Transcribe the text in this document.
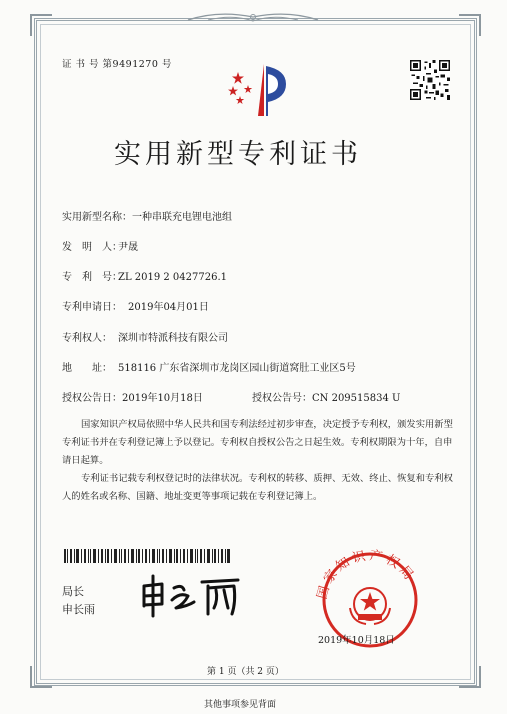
证 书 号 第9491270 号
实用新型专利证书
实用新型名称：一种串联充电锂电池组
发　明　人：尹晟
专　利　号：ZL 2019 2 0427726.1
专利申请日： 2019年04月01日
专利权人： 深圳市特派科技有限公司
地　　址： 518116 广东省深圳市龙岗区园山街道窝肚工业区5号
授权公告日：2019年10月18日	授权公告号：CN 209515834 U
国家知识产权局依照中华人民共和国专利法经过初步审查，决定授予专利权，颁发实用新型专利证书并在专利登记簿上予以登记。专利权自授权公告之日起生效。专利权期限为十年，自申请日起算。
专利证书记载专利权登记时的法律状况。专利权的转移、质押、无效、终止、恢复和专利权人的姓名或名称、国籍、地址变更等事项记载在专利登记簿上。
局长
申长雨
国家知识产权局
2019年10月18日
第 1 页（共 2 页）
其他事项参见背面
